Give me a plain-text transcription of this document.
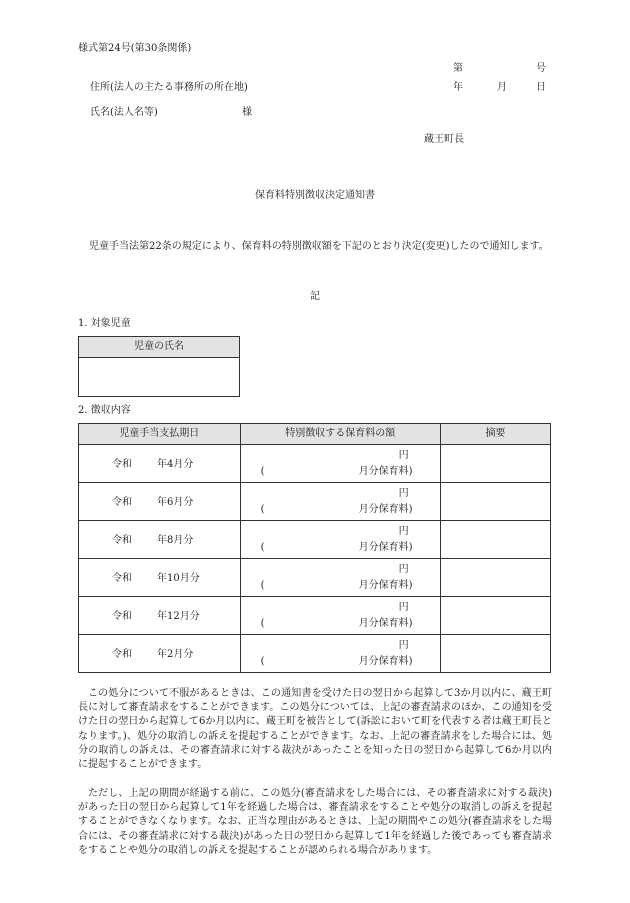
様式第24号(第30条関係)
第	号
住所(法人の主たる事務所の所在地)	年	月	日
氏名(法人名等)	様
蔵王町長
保育料特別徴収決定通知書
児童手当法第22条の規定により、保育料の特別徴収額を下記のとおり決定(変更)したので通知します。
記
1. 対象児童
児童の氏名

2. 徴収内容
児童手当支払期日	特別徴収する保育料の額	摘要

令和 年4月分	円
( 月分保育料)	

令和 年6月分	円
( 月分保育料)	

令和 年8月分	円
( 月分保育料)	

令和 年10月分	円
( 月分保育料)	

令和 年12月分	円
( 月分保育料)	

令和 年2月分	円
( 月分保育料)	

この処分について不服があるときは、この通知書を受けた日の翌日から起算して3か月以内に、蔵王町長に対して審査請求をすることができます。この処分については、上記の審査請求のほか、この通知を受けた日の翌日から起算して6か月以内に、蔵王町を被告として(訴訟において町を代表する者は蔵王町長となります。)、処分の取消しの訴えを提起することができます。なお、上記の審査請求をした場合には、処分の取消しの訴えは、その審査請求に対する裁決があったことを知った日の翌日から起算して6か月以内に提起することができます。
ただし、上記の期間が経過する前に、この処分(審査請求をした場合には、その審査請求に対する裁決)があった日の翌日から起算して1年を経過した場合は、審査請求をすることや処分の取消しの訴えを提起することができなくなります。なお、正当な理由があるときは、上記の期間やこの処分(審査請求をした場合には、その審査請求に対する裁決)があった日の翌日から起算して1年を経過した後であっても審査請求をすることや処分の取消しの訴えを提起することが認められる場合があります。
